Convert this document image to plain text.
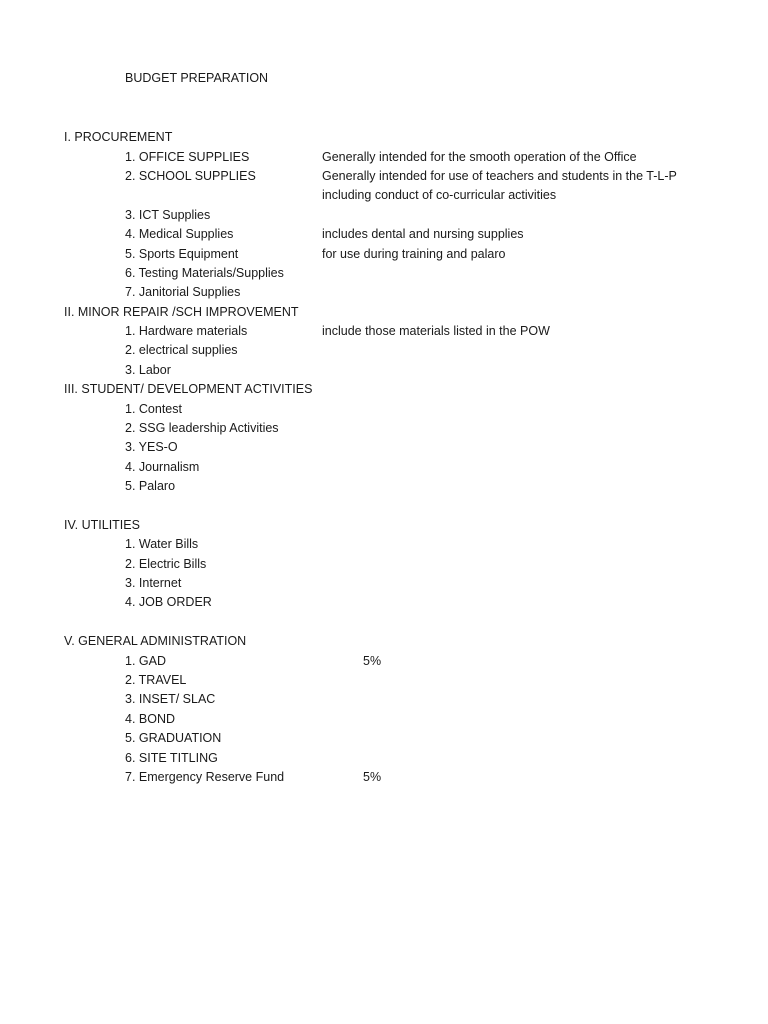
BUDGET PREPARATION
I. PROCUREMENT
1. OFFICE SUPPLIES	Generally intended for the smooth operation of the Office
2. SCHOOL SUPPLIES	Generally intended for use of teachers and students in the T-L-P
including conduct of co-curricular activities
3. ICT Supplies
4. Medical Supplies	includes dental and nursing supplies
5. Sports Equipment	for use during training and palaro
6. Testing Materials/Supplies
7. Janitorial Supplies
II. MINOR REPAIR /SCH IMPROVEMENT
1. Hardware materials	include those materials listed in the POW
2. electrical supplies
3. Labor
III. STUDENT/ DEVELOPMENT ACTIVITIES
1. Contest
2. SSG leadership Activities
3. YES-O
4. Journalism
5. Palaro
IV. UTILITIES
1. Water Bills
2. Electric Bills
3. Internet
4. JOB ORDER
V. GENERAL ADMINISTRATION
1. GAD	5%
2. TRAVEL
3. INSET/ SLAC
4. BOND
5. GRADUATION
6. SITE TITLING
7. Emergency Reserve Fund	5%
